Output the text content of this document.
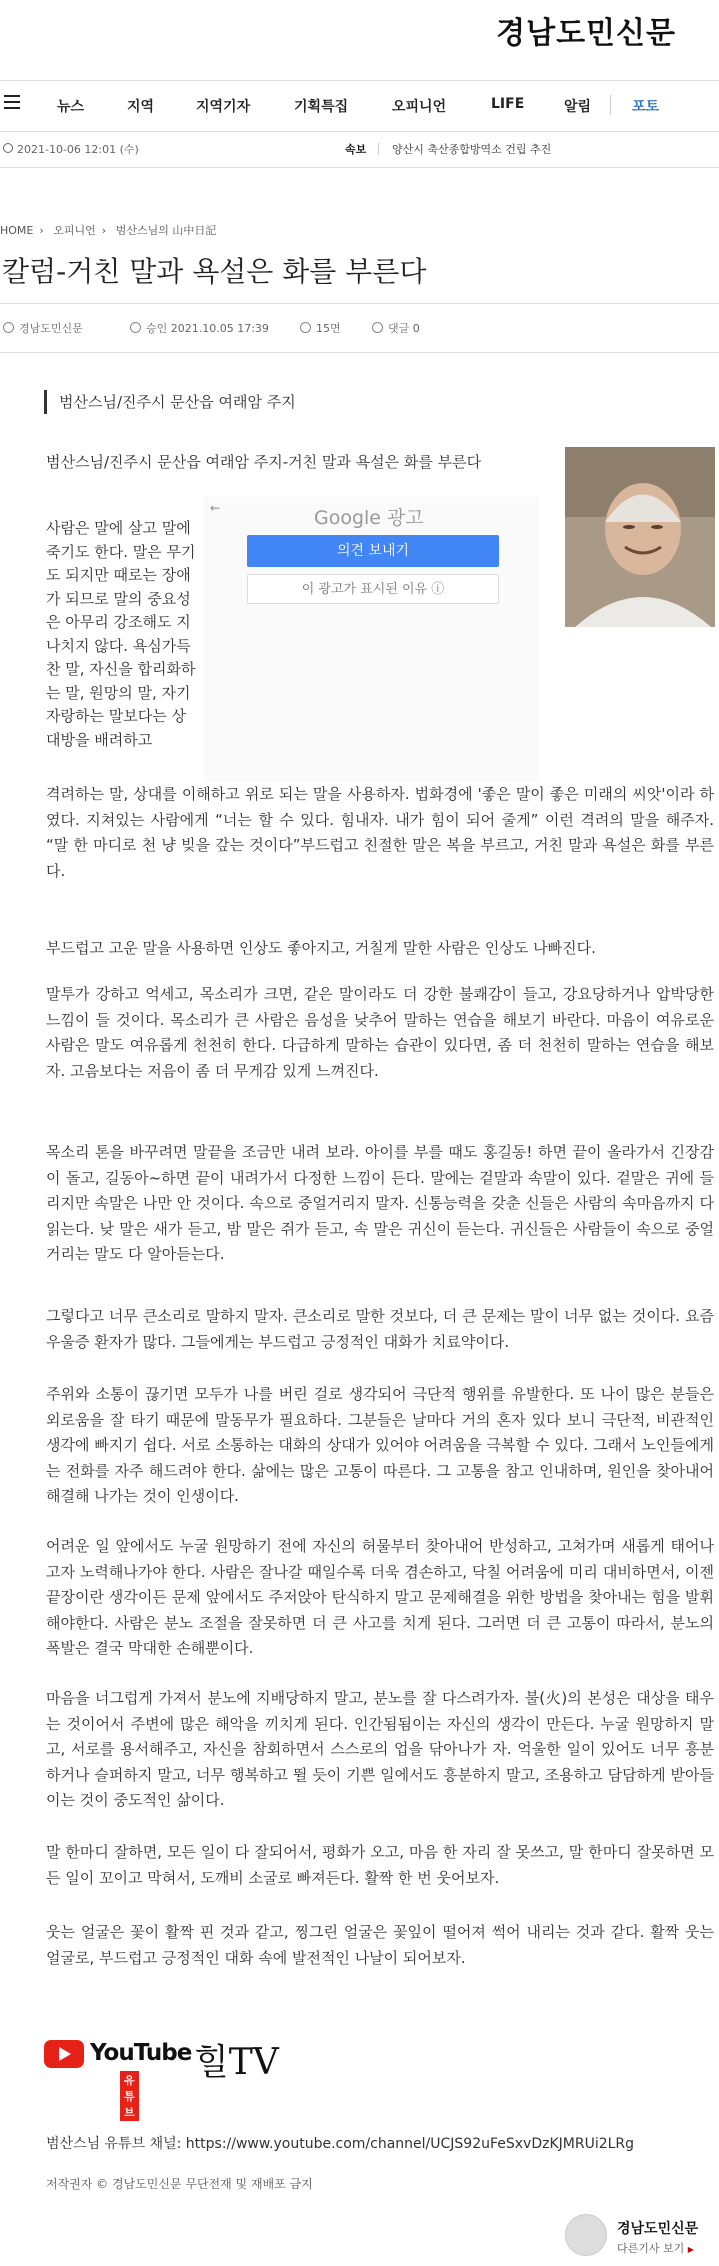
경남도민신문
뉴스	지역	지역기자	기획특집	오피니언	LIFE	알림	포토
2021-10-06 12:01 (수)	속보 양산시 축산종합방역소 건립 추진
HOME › 오피니언 › 범산스님의 山中日記
칼럼-거친 말과 욕설은 화를 부른다
경남도민신문	승인 2021.10.05 17:39	15면	댓글 0
범산스님/진주시 문산읍 여래암 주지

범산스님/진주시 문산읍 여래암 주지-거친 말과 욕설은 화를 부른다

사람은 말에 살고 말에 죽기도 한다. 말은 무기도 되지만 때로는 장애가 되므로 말의 중요성은 아무리 강조해도 지나치지 않다. 욕심가득 찬 말, 자신을 합리화하는 말, 원망의 말, 자기자랑하는 말보다는 상대방을 배려하고
←	Google 광고
의견 보내기
이 광고가 표시된 이유 ⓘ

격려하는 말, 상대를 이해하고 위로 되는 말을 사용하자. 법화경에 '좋은 말이 좋은 미래의 씨앗'이라 하였다. 지쳐있는 사람에게 “너는 할 수 있다. 힘내자. 내가 힘이 되어 줄게” 이런 격려의 말을 해주자. “말 한 마디로 천 냥 빚을 갚는 것이다”부드럽고 친절한 말은 복을 부르고, 거친 말과 욕설은 화를 부른다.

부드럽고 고운 말을 사용하면 인상도 좋아지고, 거칠게 말한 사람은 인상도 나빠진다.

말투가 강하고 억세고, 목소리가 크면, 같은 말이라도 더 강한 불쾌감이 들고, 강요당하거나 압박당한 느낌이 들 것이다. 목소리가 큰 사람은 음성을 낮추어 말하는 연습을 해보기 바란다. 마음이 여유로운 사람은 말도 여유롭게 천천히 한다. 다급하게 말하는 습관이 있다면, 좀 더 천천히 말하는 연습을 해보자. 고음보다는 저음이 좀 더 무게감 있게 느껴진다.

목소리 톤을 바꾸려면 말끝을 조금만 내려 보라. 아이를 부를 때도 홍길동! 하면 끝이 올라가서 긴장감이 돌고, 길동아~하면 끝이 내려가서 다정한 느낌이 든다. 말에는 겉말과 속말이 있다. 겉말은 귀에 들리지만 속말은 나만 안 것이다. 속으로 중얼거리지 말자. 신통능력을 갖춘 신들은 사람의 속마음까지 다 읽는다. 낮 말은 새가 듣고, 밤 말은 쥐가 듣고, 속 말은 귀신이 듣는다. 귀신들은 사람들이 속으로 중얼거리는 말도 다 알아듣는다.

그렇다고 너무 큰소리로 말하지 말자. 큰소리로 말한 것보다, 더 큰 문제는 말이 너무 없는 것이다. 요즘 우울증 환자가 많다. 그들에게는 부드럽고 긍정적인 대화가 치료약이다.

주위와 소통이 끊기면 모두가 나를 버린 걸로 생각되어 극단적 행위를 유발한다. 또 나이 많은 분들은 외로움을 잘 타기 때문에 말동무가 필요하다. 그분들은 날마다 거의 혼자 있다 보니 극단적, 비관적인 생각에 빠지기 쉽다. 서로 소통하는 대화의 상대가 있어야 어려움을 극복할 수 있다. 그래서 노인들에게는 전화를 자주 해드려야 한다. 삶에는 많은 고통이 따른다. 그 고통을 참고 인내하며, 원인을 찾아내어 해결해 나가는 것이 인생이다.

어려운 일 앞에서도 누굴 원망하기 전에 자신의 허물부터 찾아내어 반성하고, 고쳐가며 새롭게 태어나고자 노력해나가야 한다. 사람은 잘나갈 때일수록 더욱 겸손하고, 닥칠 어려움에 미리 대비하면서, 이젠 끝장이란 생각이든 문제 앞에서도 주저앉아 탄식하지 말고 문제해결을 위한 방법을 찾아내는 힘을 발휘해야한다. 사람은 분노 조절을 잘못하면 더 큰 사고를 치게 된다. 그러면 더 큰 고통이 따라서, 분노의 폭발은 결국 막대한 손해뿐이다.

마음을 너그럽게 가져서 분노에 지배당하지 말고, 분노를 잘 다스려가자. 불(火)의 본성은 대상을 태우는 것이어서 주변에 많은 해악을 끼치게 된다. 인간됨됨이는 자신의 생각이 만든다. 누굴 원망하지 말고, 서로를 용서해주고, 자신을 참회하면서 스스로의 업을 닦아나가 자. 억울한 일이 있어도 너무 흥분하거나 슬퍼하지 말고, 너무 행복하고 뛸 듯이 기쁜 일에서도 흥분하지 말고, 조용하고 담담하게 받아들이는 것이 중도적인 삶이다.

말 한마디 잘하면, 모든 일이 다 잘되어서, 평화가 오고, 마음 한 자리 잘 못쓰고, 말 한마디 잘못하면 모든 일이 꼬이고 막혀서, 도깨비 소굴로 빠져든다. 활짝 한 번 웃어보자.

웃는 얼굴은 꽃이 활짝 핀 것과 같고, 찡그린 얼굴은 꽃잎이 떨어져 썩어 내리는 것과 같다. 활짝 웃는 얼굴로, 부드럽고 긍정적인 대화 속에 발전적인 나날이 되어보자.

YouTube
유튜브
힐TV
범산스님 유튜브 채널: https://www.youtube.com/channel/UCJS92uFeSxvDzKJMRUi2LRg
저작권자 © 경남도민신문 무단전재 및 재배포 금지
경남도민신문
다른기사 보기 ▶
